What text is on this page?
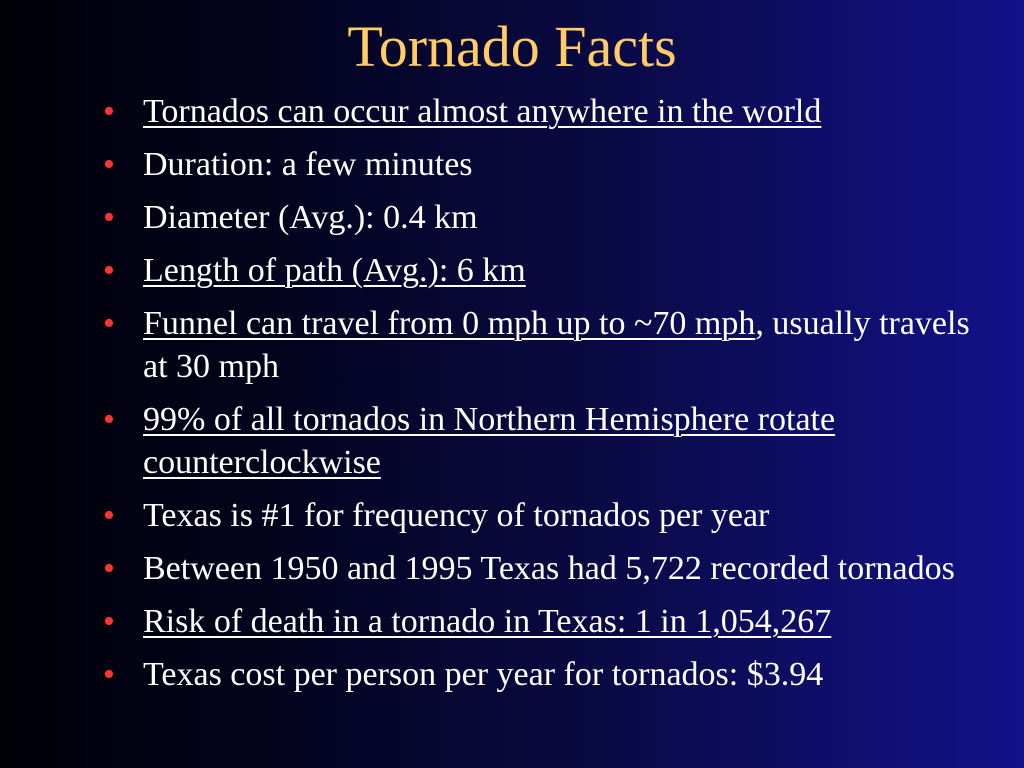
Tornado Facts
• Tornados can occur almost anywhere in the world
• Duration: a few minutes
• Diameter (Avg.): 0.4 km
• Length of path (Avg.): 6 km
• Funnel can travel from 0 mph up to ~70 mph, usually travels at 30 mph
• 99% of all tornados in Northern Hemisphere rotate counterclockwise
• Texas is #1 for frequency of tornados per year
• Between 1950 and 1995 Texas had 5,722 recorded tornados
• Risk of death in a tornado in Texas: 1 in 1,054,267
• Texas cost per person per year for tornados: $3.94
